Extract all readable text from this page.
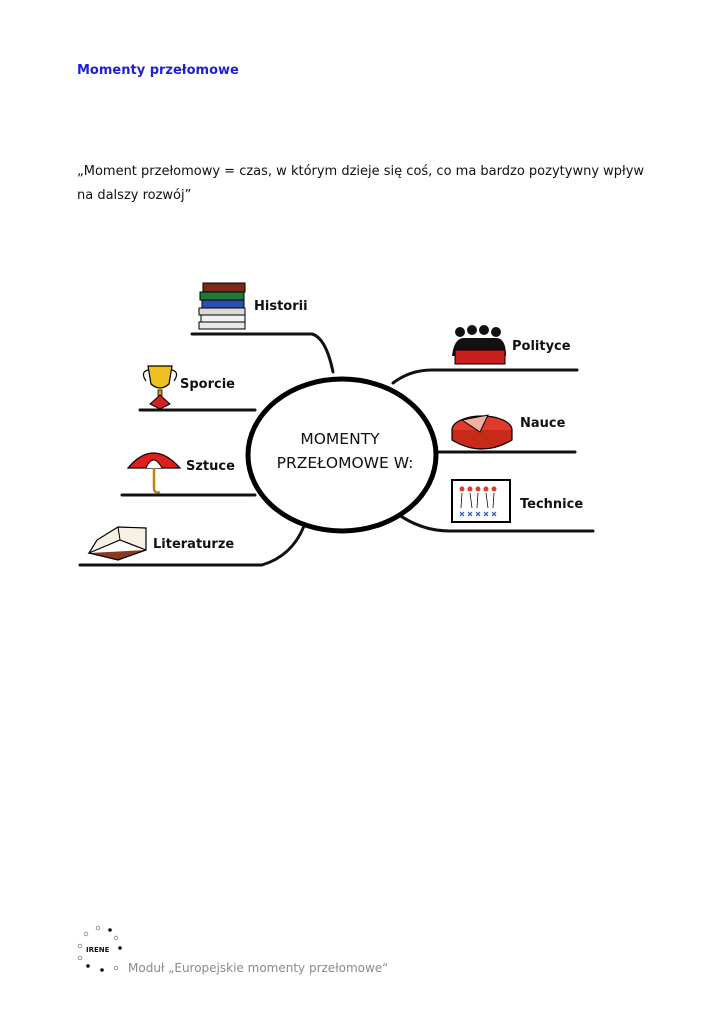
Momenty przełomowe
„Moment przełomowy = czas, w którym dzieje się coś, co ma bardzo pozytywny wpływ na dalszy rozwój”
MOMENTY
PRZEŁOMOWE W:
Historii
Sporcie
Sztuce
Literaturze
Polityce
Nauce
Technice
IRENE
Moduł „Europejskie momenty przełomowe“
